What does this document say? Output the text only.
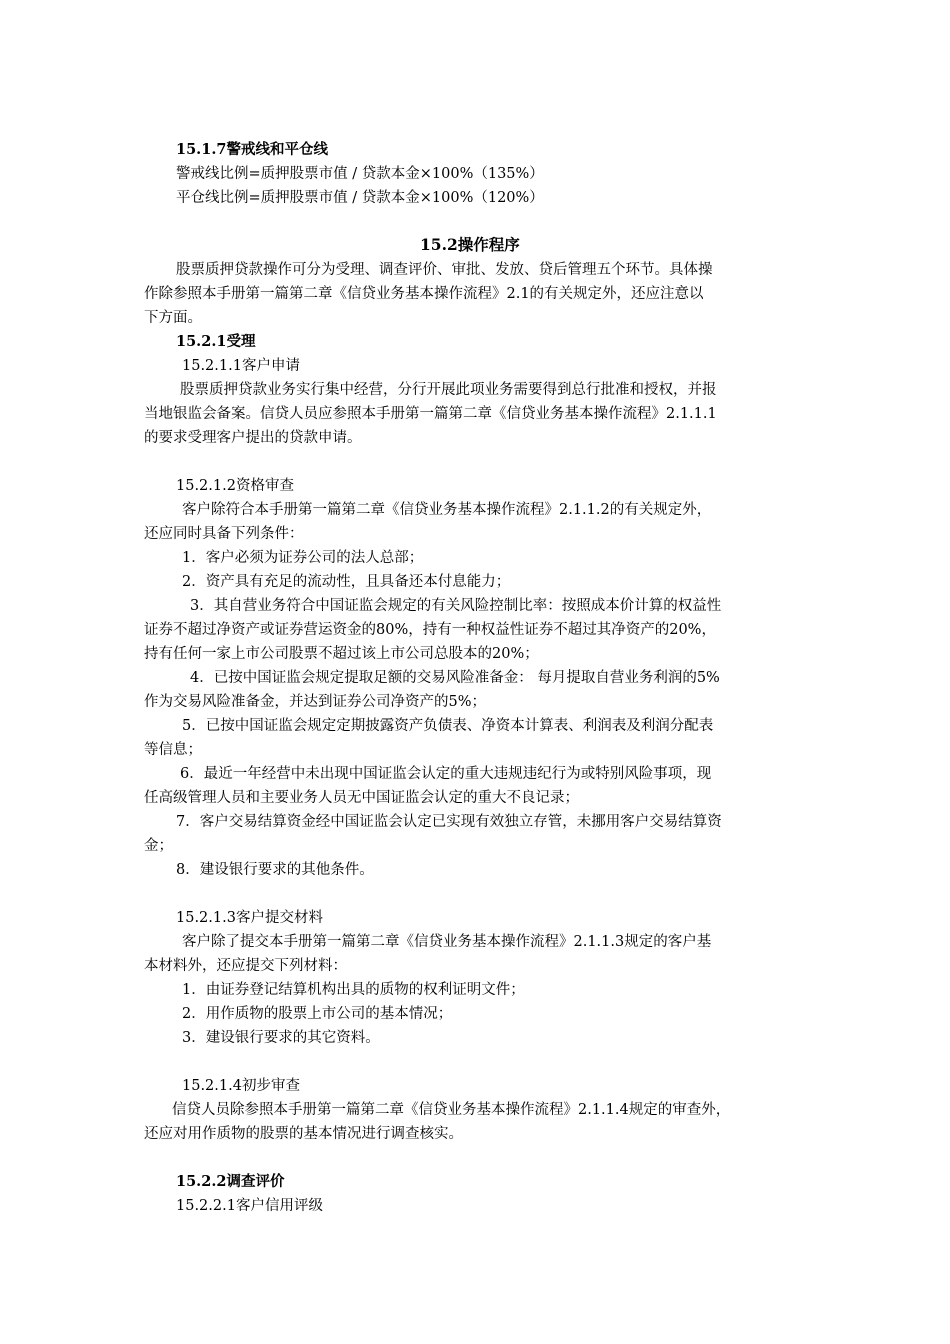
15.1.7警戒线和平仓线
警戒线比例=质押股票市值 / 贷款本金×100%（135%）
平仓线比例=质押股票市值 / 贷款本金×100%（120%）
15.2操作程序
股票质押贷款操作可分为受理、调查评价、审批、发放、贷后管理五个环节。具体操
作除参照本手册第一篇第二章《信贷业务基本操作流程》2.1的有关规定外，还应注意以
下方面。
15.2.1受理
15.2.1.1客户申请
股票质押贷款业务实行集中经营，分行开展此项业务需要得到总行批准和授权，并报
当地银监会备案。信贷人员应参照本手册第一篇第二章《信贷业务基本操作流程》2.1.1.1
的要求受理客户提出的贷款申请。
15.2.1.2资格审查
客户除符合本手册第一篇第二章《信贷业务基本操作流程》2.1.1.2的有关规定外，
还应同时具备下列条件：
1．客户必须为证券公司的法人总部；
2．资产具有充足的流动性，且具备还本付息能力；
3．其自营业务符合中国证监会规定的有关风险控制比率：按照成本价计算的权益性
证券不超过净资产或证券营运资金的80%，持有一种权益性证券不超过其净资产的20%，
持有任何一家上市公司股票不超过该上市公司总股本的20%；
4．已按中国证监会规定提取足额的交易风险准备金： 每月提取自营业务利润的5%
作为交易风险准备金，并达到证券公司净资产的5%；
5．已按中国证监会规定定期披露资产负债表、净资本计算表、利润表及利润分配表
等信息；
6．最近一年经营中未出现中国证监会认定的重大违规违纪行为或特别风险事项，现
任高级管理人员和主要业务人员无中国证监会认定的重大不良记录；
7．客户交易结算资金经中国证监会认定已实现有效独立存管，未挪用客户交易结算资
金；
8．建设银行要求的其他条件。
15.2.1.3客户提交材料
客户除了提交本手册第一篇第二章《信贷业务基本操作流程》2.1.1.3规定的客户基
本材料外，还应提交下列材料：
1．由证券登记结算机构出具的质物的权利证明文件；
2．用作质物的股票上市公司的基本情况；
3．建设银行要求的其它资料。
15.2.1.4初步审查
信贷人员除参照本手册第一篇第二章《信贷业务基本操作流程》2.1.1.4规定的审查外，
还应对用作质物的股票的基本情况进行调查核实。
15.2.2调查评价
15.2.2.1客户信用评级
